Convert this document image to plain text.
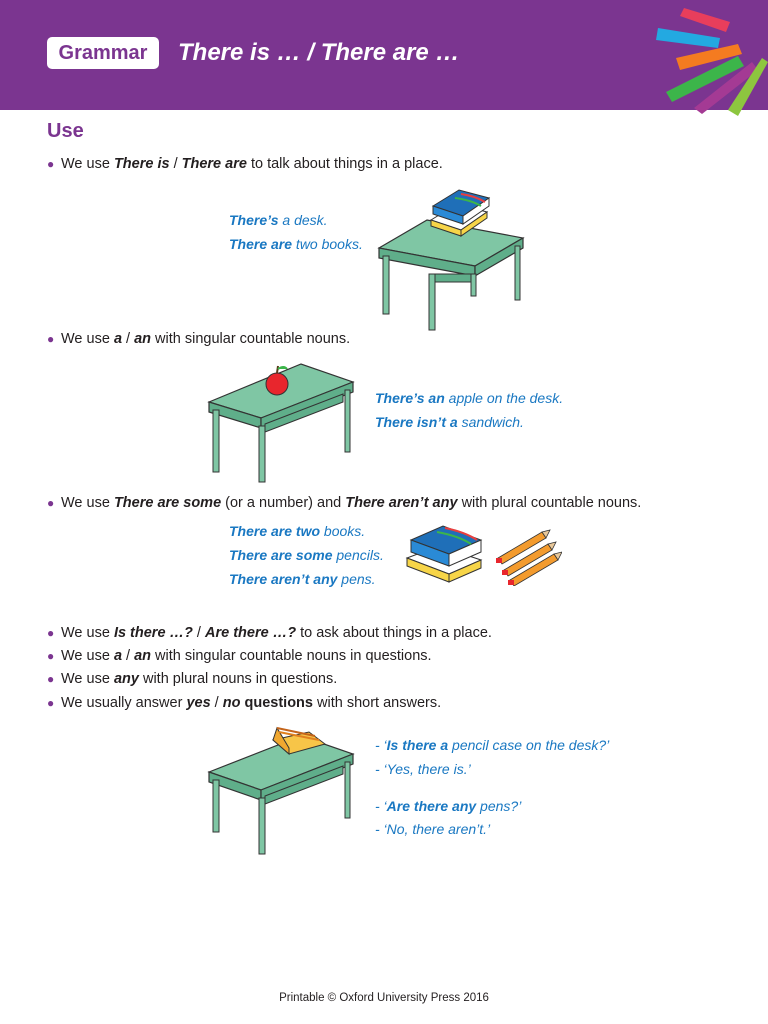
Grammar	There is … / There are …
Use
● We use There is / There are to talk about things in a place.
There’s a desk.
There are two books.
● We use a / an with singular countable nouns.
There’s an apple on the desk.
There isn’t a sandwich.
● We use There are some (or a number) and There aren’t any with plural countable nouns.
There are two books.
There are some pencils.
There aren’t any pens.
● We use Is there …? / Are there …? to ask about things in a place.
● We use a / an with singular countable nouns in questions.
● We use any with plural nouns in questions.
● We usually answer yes / no questions with short answers.
- ‘Is there a pencil case on the desk?’
- ‘Yes, there is.’
- ‘Are there any pens?’
- ‘No, there aren’t.’
Printable © Oxford University Press 2016
